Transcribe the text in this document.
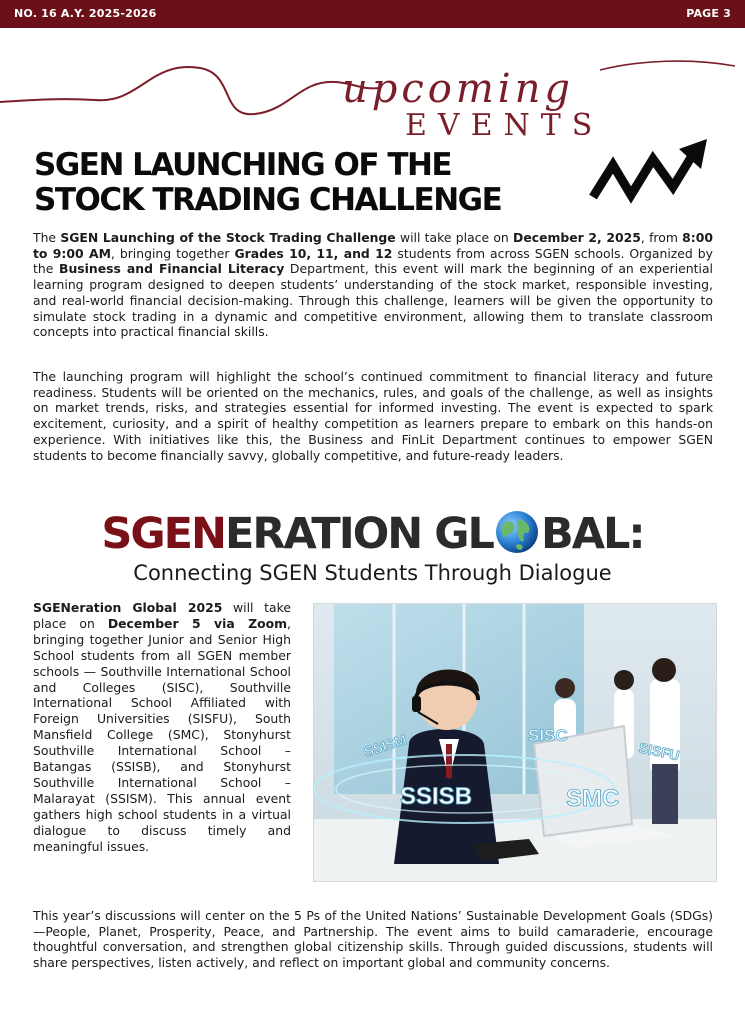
NO. 16 A.Y. 2025-2026	PAGE 3
upcoming
EVENTS
SGEN LAUNCHING OF THE
STOCK TRADING CHALLENGE

The SGEN Launching of the Stock Trading Challenge will take place on December 2, 2025, from 8:00 to 9:00 AM, bringing together Grades 10, 11, and 12 students from across SGEN schools. Organized by the Business and Financial Literacy Department, this event will mark the beginning of an experiential learning program designed to deepen students’ understanding of the stock market, responsible investing, and real-world financial decision-making. Through this challenge, learners will be given the opportunity to simulate stock trading in a dynamic and competitive environment, allowing them to translate classroom concepts into practical financial skills.

The launching program will highlight the school’s continued commitment to financial literacy and future readiness. Students will be oriented on the mechanics, rules, and goals of the challenge, as well as insights on market trends, risks, and strategies essential for informed investing. The event is expected to spark excitement, curiosity, and a spirit of healthy competition as learners prepare to embark on this hands-on experience. With initiatives like this, the Business and FinLit Department continues to empower SGEN students to become financially savvy, globally competitive, and future-ready leaders.

SGENERATION GL BAL:
Connecting SGEN Students Through Dialogue

SGENeration Global 2025 will take place on December 5 via Zoom, bringing together Junior and Senior High School students from all SGEN member schools — Southville International School and Colleges (SISC), Southville International School Affiliated with Foreign Universities (SISFU), South Mansfield College (SMC), Stonyhurst Southville International School – Batangas (SSISB), and Stonyhurst Southville International School – Malarayat (SSISM). This annual event gathers high school students in a virtual dialogue to discuss timely and meaningful issues.

SISC
SSISM
SSISB	SMC
SISFU

This year’s discussions will center on the 5 Ps of the United Nations’ Sustainable Development Goals (SDGs)—People, Planet, Prosperity, Peace, and Partnership. The event aims to build camaraderie, encourage thoughtful conversation, and strengthen global citizenship skills. Through guided discussions, students will share perspectives, listen actively, and reflect on important global and community concerns.
